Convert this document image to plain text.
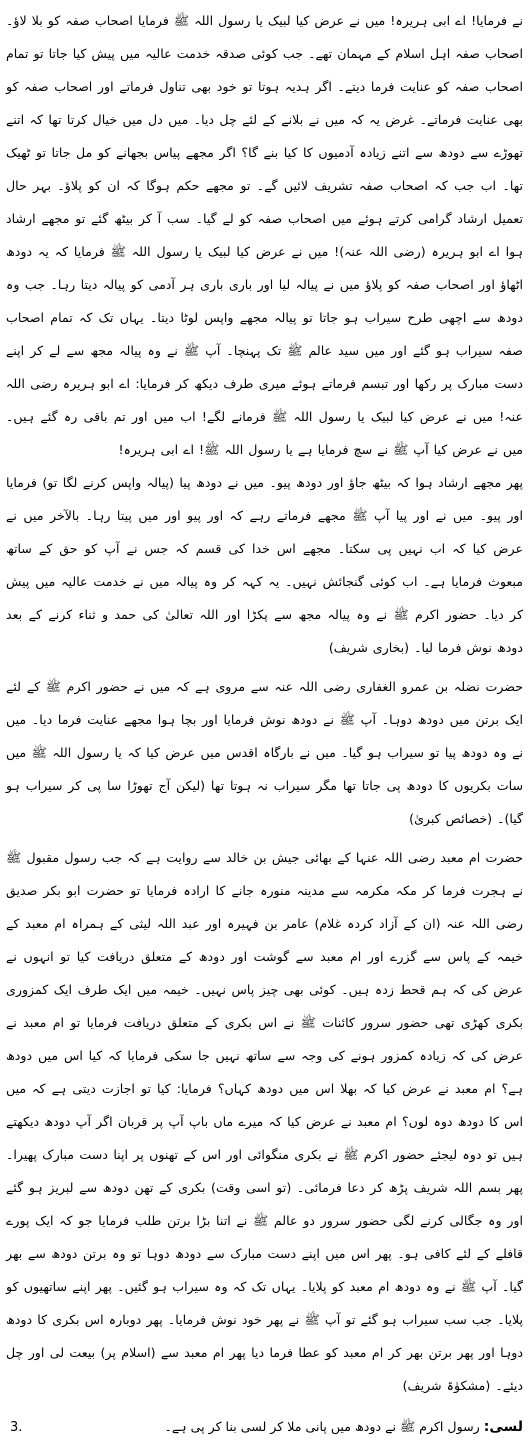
نے فرمایا! اے ابی ہریرہ! میں نے عرض کیا لبیک یا رسول اللہ ﷺ فرمایا اصحاب صفہ کو بلا لاؤ۔ اصحاب صفہ اہل اسلام کے مہمان تھے۔ جب کوئی صدقہ خدمت عالیہ میں پیش کیا جاتا تو تمام اصحاب صفہ کو عنایت فرما دیتے۔ اگر ہدیہ ہوتا تو خود بھی تناول فرماتے اور اصحاب صفہ کو بھی عنایت فرماتے۔ غرض یہ کہ میں نے بلانے کے لئے چل دیا۔ میں دل میں خیال کرتا تھا کہ اتنے تھوڑے سے دودھ سے اتنے زیادہ آدمیوں کا کیا بنے گا؟ اگر مجھے پیاس بجھانے کو مل جاتا تو ٹھیک تھا۔ اب جب کہ اصحاب صفہ تشریف لائیں گے۔ تو مجھے حکم ہوگا کہ ان کو پلاؤ۔ بہر حال تعمیل ارشاد گرامی کرتے ہوئے میں اصحاب صفہ کو لے گیا۔ سب آ کر بیٹھ گئے تو مجھے ارشاد ہوا اے ابو ہریرہ (رضی اللہ عنہ)! میں نے عرض کیا لبیک یا رسول اللہ ﷺ فرمایا کہ یہ دودھ اٹھاؤ اور اصحاب صفہ کو پلاؤ میں نے پیالہ لیا اور باری باری ہر آدمی کو پیالہ دیتا رہا۔ جب وہ دودھ سے اچھی طرح سیراب ہو جاتا تو پیالہ مجھے واپس لوٹا دیتا۔ یہاں تک کہ تمام اصحاب صفہ سیراب ہو گئے اور میں سید عالم ﷺ تک پہنچا۔ آپ ﷺ نے وہ پیالہ مجھ سے لے کر اپنے دست مبارک پر رکھا اور تبسم فرماتے ہوئے میری طرف دیکھ کر فرمایا: اے ابو ہریرہ رضی اللہ عنہ! میں نے عرض کیا لبیک یا رسول اللہ ﷺ فرمانے لگے! اب میں اور تم باقی رہ گئے ہیں۔ میں نے عرض کیا آپ ﷺ نے سچ فرمایا ہے یا رسول اللہ ﷺ! اے ابی ہریرہ!

پھر مجھے ارشاد ہوا کہ بیٹھ جاؤ اور دودھ پیو۔ میں نے دودھ پیا (پیالہ واپس کرنے لگا تو) فرمایا اور پیو۔ میں نے اور پیا آپ ﷺ مجھے فرماتے رہے کہ اور پیو اور میں پیتا رہا۔ بالآخر میں نے عرض کیا کہ اب نہیں پی سکتا۔ مجھے اس خدا کی قسم کہ جس نے آپ کو حق کے ساتھ مبعوث فرمایا ہے۔ اب کوئی گنجائش نہیں۔ یہ کہہ کر وہ پیالہ میں نے خدمت عالیہ میں پیش کر دیا۔ حضور اکرم ﷺ نے وہ پیالہ مجھ سے پکڑا اور اللہ تعالیٰ کی حمد و ثناء کرنے کے بعد دودھ نوش فرما لیا۔ (بخاری شریف)

حضرت نضلہ بن عمرو الغفاری رضی اللہ عنہ سے مروی ہے کہ میں نے حضور اکرم ﷺ کے لئے ایک برتن میں دودھ دوہا۔ آپ ﷺ نے دودھ نوش فرمایا اور بچا ہوا مجھے عنایت فرما دیا۔ میں نے وہ دودھ پیا تو سیراب ہو گیا۔ میں نے بارگاہ اقدس میں عرض کیا کہ یا رسول اللہ ﷺ میں سات بکریوں کا دودھ پی جاتا تھا مگر سیراب نہ ہوتا تھا (لیکن آج تھوڑا سا پی کر سیراب ہو گیا)۔ (خصائص کبریٰ)

حضرت ام معبد رضی اللہ عنہا کے بھائی جیش بن خالد سے روایت ہے کہ جب رسول مقبول ﷺ نے ہجرت فرما کر مکہ مکرمہ سے مدینہ منورہ جانے کا ارادہ فرمایا تو حضرت ابو بکر صدیق رضی اللہ عنہ (ان کے آزاد کردہ غلام) عامر بن فہیرہ اور عبد اللہ لیثی کے ہمراہ ام معبد کے خیمہ کے پاس سے گزرے اور ام معبد سے گوشت اور دودھ کے متعلق دریافت کیا تو انہوں نے عرض کی کہ ہم قحط زدہ ہیں۔ کوئی بھی چیز پاس نہیں۔ خیمہ میں ایک طرف ایک کمزوری بکری کھڑی تھی حضور سرور کائنات ﷺ نے اس بکری کے متعلق دریافت فرمایا تو ام معبد نے عرض کی کہ زیادہ کمزور ہونے کی وجہ سے ساتھ نہیں جا سکی فرمایا کہ کیا اس میں دودھ ہے؟ ام معبد نے عرض کیا کہ بھلا اس میں دودھ کہاں؟ فرمایا: کیا تو اجازت دیتی ہے کہ میں اس کا دودھ دوہ لوں؟ ام معبد نے عرض کیا کہ میرے ماں باپ آپ پر قربان اگر آپ دودھ دیکھتے ہیں تو دوہ لیجئے حضور اکرم ﷺ نے بکری منگوائی اور اس کے تھنوں پر اپنا دست مبارک پھیرا۔ پھر بسم اللہ شریف پڑھ کر دعا فرمائی۔ (تو اسی وقت) بکری کے تھن دودھ سے لبریز ہو گئے اور وہ جگالی کرنے لگی حضور سرور دو عالم ﷺ نے اتنا بڑا برتن طلب فرمایا جو کہ ایک پورے قافلے کے لئے کافی ہو۔ پھر اس میں اپنے دست مبارک سے دودھ دوہا تو وہ برتن دودھ سے بھر گیا۔ آپ ﷺ نے وہ دودھ ام معبد کو پلایا۔ یہاں تک کہ وہ سیراب ہو گئیں۔ پھر اپنے ساتھیوں کو پلایا۔ جب سب سیراب ہو گئے تو آپ ﷺ نے پھر خود نوش فرمایا۔ پھر دوبارہ اس بکری کا دودھ دوہا اور پھر برتن بھر کر ام معبد کو عطا فرما دیا پھر ام معبد سے (اسلام پر) بیعت لی اور چل دیئے۔ (مشکوٰۃ شریف)

3.	لسی: رسول اکرم ﷺ نے دودھ میں پانی ملا کر لسی بنا کر پی ہے۔
